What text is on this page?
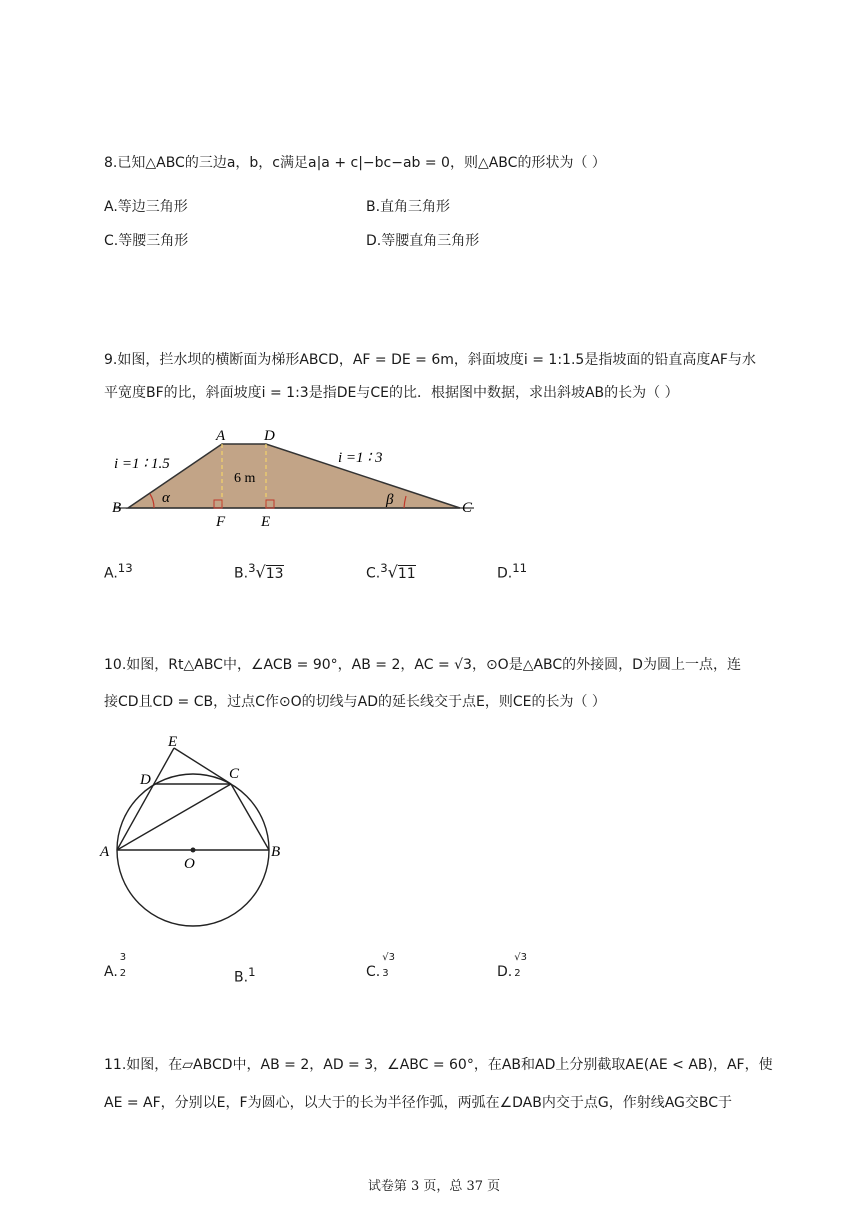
8.已知△ABC的三边a，b，c满足a|a + c|−bc−ab = 0，则△ABC的形状为（ ）
A.等边三角形	B.直角三角形
C.等腰三角形	D.等腰直角三角形
9.如图，拦水坝的横断面为梯形ABCD，AF = DE = 6m，斜面坡度i = 1:1.5是指坡面的铅直高度AF与水
平宽度BF的比，斜面坡度i = 1:3是指DE与CE的比．根据图中数据，求出斜坡AB的长为（ ）
A	D
B	C
F E
6 m
i =1 ∶ 1.5	i =1 ∶ 3
α	β
A.$^{13}$	B.$^3$√13	C.$^3$√11	D.$^{11}$
10.如图，Rt△ABC中，∠ACB = 90°，AB = 2，AC = √3，⊙O是△ABC的外接圆，D为圆上一点，连
接CD且CD = CB，过点C作⊙O的切线与AD的延长线交于点E，则CE的长为（ ）
E
D	C
A	B
O
A.
3
2	B.$^1$	C.
√3
3	D.
√3
2
11.如图，在▱ABCD中，AB = 2，AD = 3，∠ABC = 60°，在AB和AD上分别截取AE(AE < AB)，AF，使
AE = AF，分别以E，F为圆心，以大于的长为半径作弧，两弧在∠DAB内交于点G，作射线AG交BC于
试卷第 3 页，总 37 页
